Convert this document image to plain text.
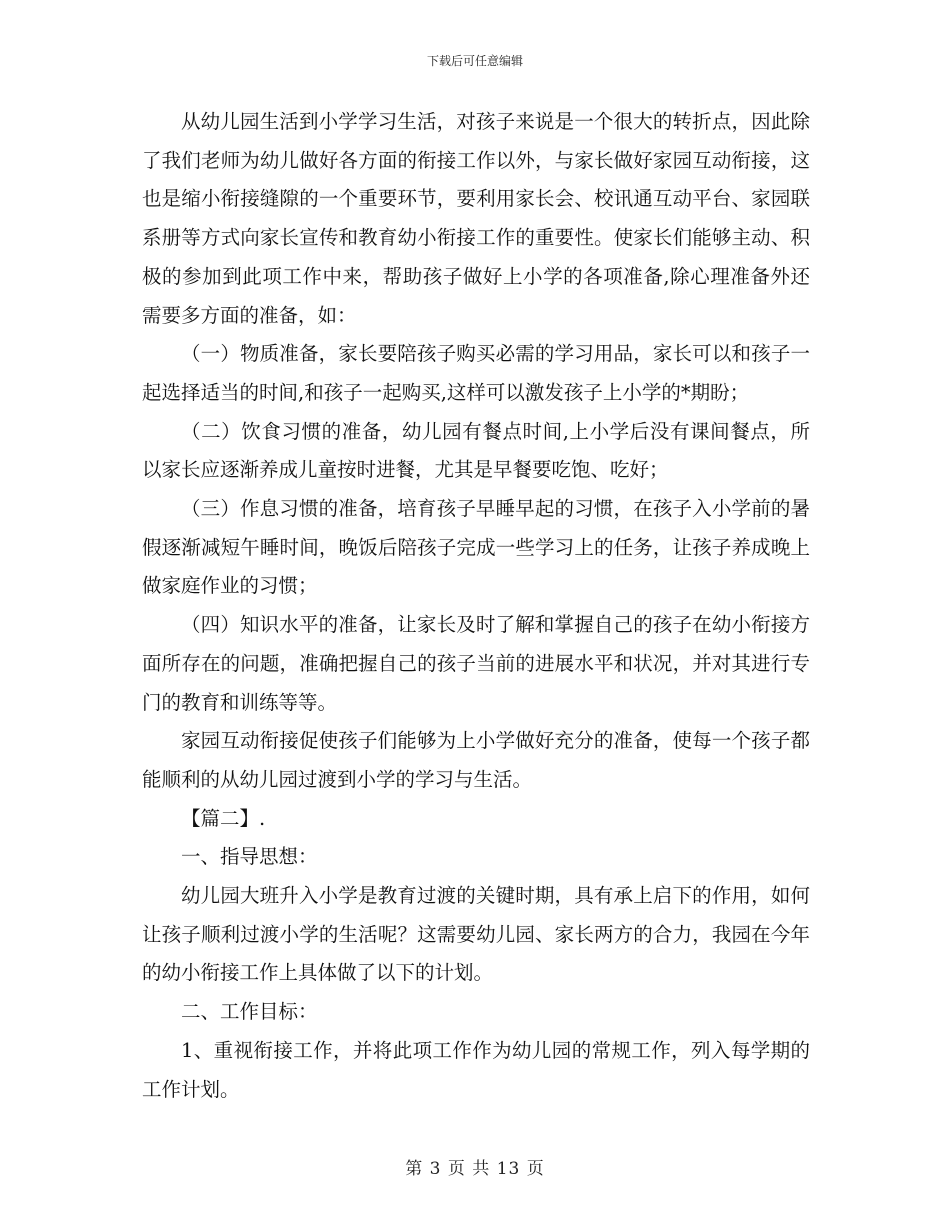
下载后可任意编辑

从幼儿园生活到小学学习生活，对孩子来说是一个很大的转折点，因此除了我们老师为幼儿做好各方面的衔接工作以外，与家长做好家园互动衔接，这也是缩小衔接缝隙的一个重要环节，要利用家长会、校讯通互动平台、家园联系册等方式向家长宣传和教育幼小衔接工作的重要性。使家长们能够主动、积极的参加到此项工作中来，帮助孩子做好上小学的各项准备,除心理准备外还需要多方面的准备，如：

（一）物质准备，家长要陪孩子购买必需的学习用品，家长可以和孩子一起选择适当的时间,和孩子一起购买,这样可以激发孩子上小学的*期盼；

（二）饮食习惯的准备，幼儿园有餐点时间,上小学后没有课间餐点，所以家长应逐渐养成儿童按时进餐，尤其是早餐要吃饱、吃好；

（三）作息习惯的准备，培育孩子早睡早起的习惯，在孩子入小学前的暑假逐渐减短午睡时间，晚饭后陪孩子完成一些学习上的任务，让孩子养成晚上做家庭作业的习惯；

（四）知识水平的准备，让家长及时了解和掌握自己的孩子在幼小衔接方面所存在的问题，准确把握自己的孩子当前的进展水平和状况，并对其进行专门的教育和训练等等。

家园互动衔接促使孩子们能够为上小学做好充分的准备，使每一个孩子都能顺利的从幼儿园过渡到小学的学习与生活。

【篇二】.

一、指导思想：

幼儿园大班升入小学是教育过渡的关键时期，具有承上启下的作用，如何让孩子顺利过渡小学的生活呢？这需要幼儿园、家长两方的合力，我园在今年的幼小衔接工作上具体做了以下的计划。

二、工作目标：

1、重视衔接工作，并将此项工作作为幼儿园的常规工作，列入每学期的工作计划。

第 3 页 共 13 页
